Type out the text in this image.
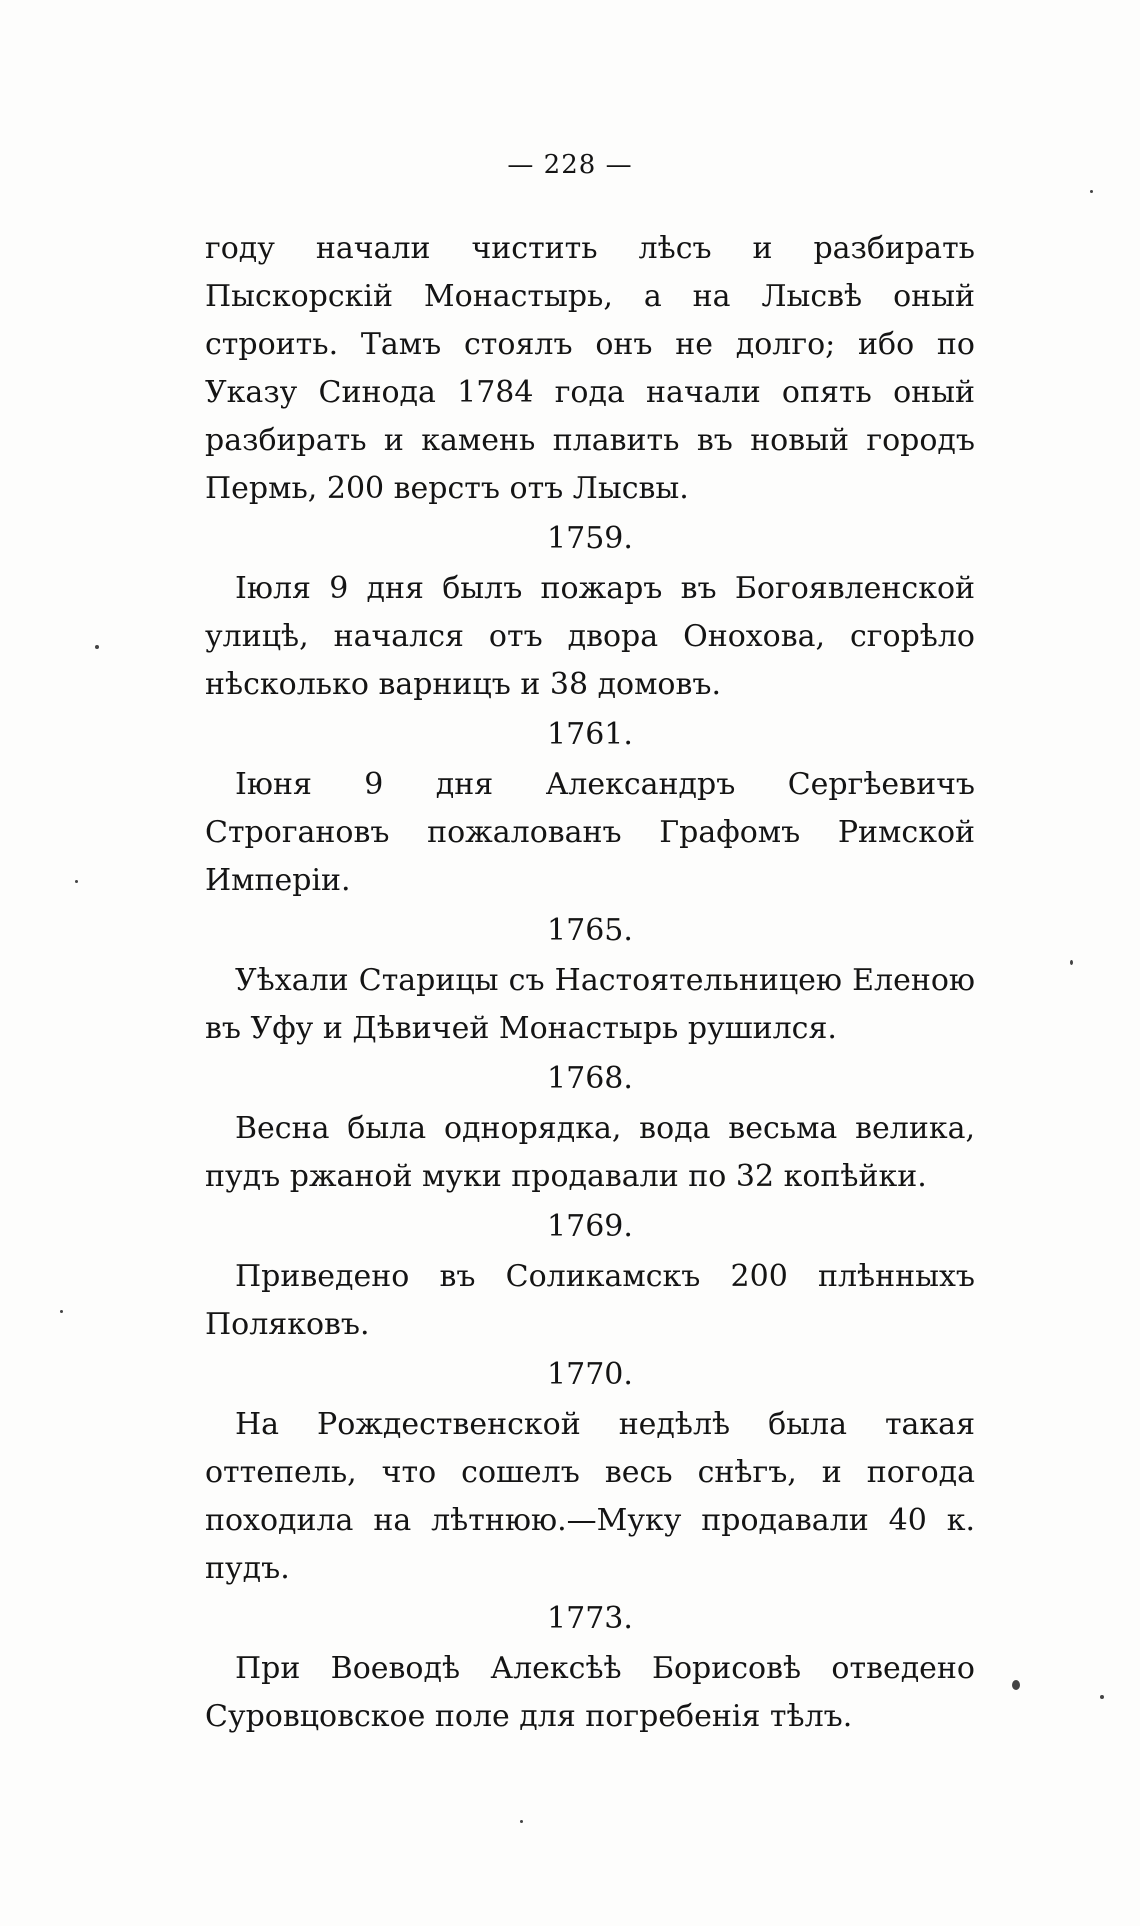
— 228 —

году начали чистить лѣсъ и разбирать Пыскорскiй Монастырь, а на Лысвѣ оный строить. Тамъ стоялъ онъ не долго; ибо по Указу Синода 1784 года начали опять оный разбирать и камень плавить въ новый городъ Пермь, 200 верстъ отъ Лысвы.

1759.

Iюля 9 дня былъ пожаръ въ Богоявленской улицѣ, начался отъ двора Онохова, сгорѣло нѣсколько варницъ и 38 домовъ.

1761.

Iюня 9 дня Александръ Сергѣевичъ Строгановъ пожалованъ Графомъ Римской Имперiи.

1765.

Уѣхали Старицы съ Настоятельницею Еленою въ Уфу и Дѣвичей Монастырь рушился.

1768.

Весна была однорядка, вода весьма велика, пудъ ржаной муки продавали по 32 копѣйки.

1769.

Приведено въ Соликамскъ 200 плѣнныхъ Поляковъ.

1770.

На Рождественской недѣлѣ была такая оттепель, что сошелъ весь снѣгъ, и погода походила на лѣтнюю.—Муку продавали 40 к. пудъ.

1773.

При Воеводѣ Алексѣѣ Борисовѣ отведено Суровцовское поле для погребенiя тѣлъ.
